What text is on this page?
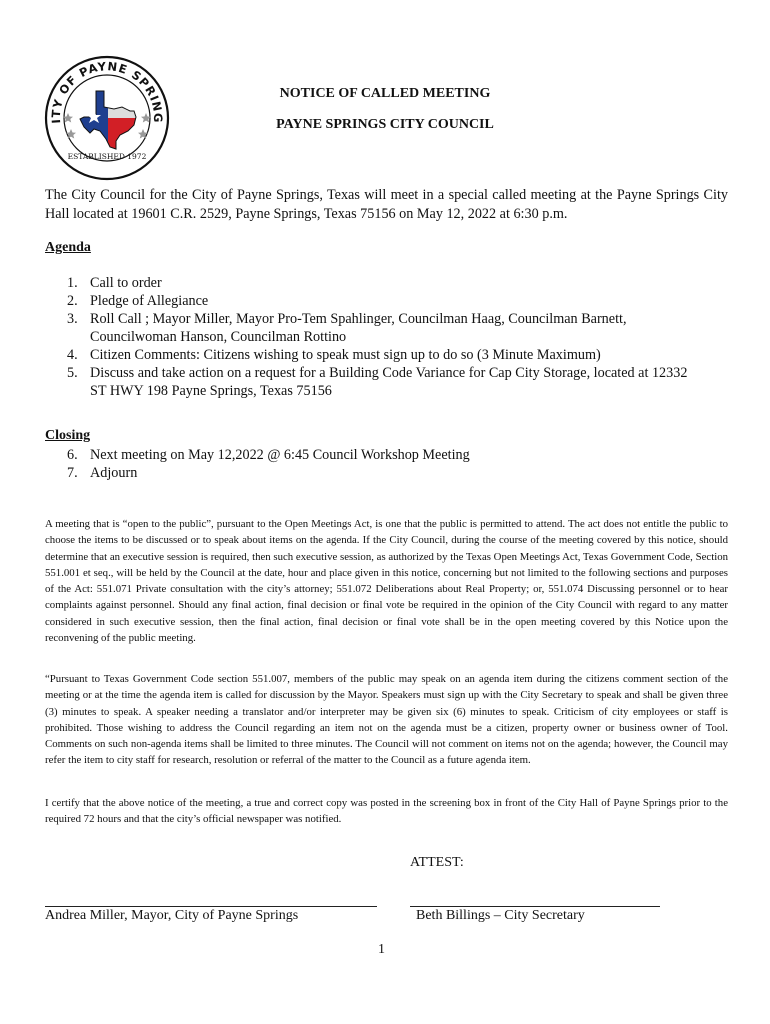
ITY OF PAYNE SPRING
ESTABLISHED 1972
NOTICE OF CALLED MEETING
PAYNE SPRINGS CITY COUNCIL
The City Council for the City of Payne Springs, Texas will meet in a special called meeting at the Payne Springs City Hall located at 19601 C.R. 2529, Payne Springs, Texas 75156 on May 12, 2022 at 6:30 p.m.
Agenda
1. Call to order
2. Pledge of Allegiance
3. Roll Call ; Mayor Miller, Mayor Pro-Tem Spahlinger, Councilman Haag, Councilman Barnett, Councilwoman Hanson, Councilman Rottino
4. Citizen Comments: Citizens wishing to speak must sign up to do so (3 Minute Maximum)
5. Discuss and take action on a request for a Building Code Variance for Cap City Storage, located at 12332 ST HWY 198 Payne Springs, Texas 75156
Closing
6. Next meeting on May 12,2022 @ 6:45 Council Workshop Meeting
7. Adjourn
A meeting that is “open to the public”, pursuant to the Open Meetings Act, is one that the public is permitted to attend. The act does not entitle the public to choose the items to be discussed or to speak about items on the agenda. If the City Council, during the course of the meeting covered by this notice, should determine that an executive session is required, then such executive session, as authorized by the Texas Open Meetings Act, Texas Government Code, Section 551.001 et seq., will be held by the Council at the date, hour and place given in this notice, concerning but not limited to the following sections and purposes of the Act: 551.071 Private consultation with the city’s attorney; 551.072 Deliberations about Real Property; or, 551.074 Discussing personnel or to hear complaints against personnel. Should any final action, final decision or final vote be required in the opinion of the City Council with regard to any matter considered in such executive session, then the final action, final decision or final vote shall be in the open meeting covered by this Notice upon the reconvening of the public meeting.
“Pursuant to Texas Government Code section 551.007, members of the public may speak on an agenda item during the citizens comment section of the meeting or at the time the agenda item is called for discussion by the Mayor. Speakers must sign up with the City Secretary to speak and shall be given three (3) minutes to speak. A speaker needing a translator and/or interpreter may be given six (6) minutes to speak. Criticism of city employees or staff is prohibited. Those wishing to address the Council regarding an item not on the agenda must be a citizen, property owner or business owner of Tool. Comments on such non-agenda items shall be limited to three minutes. The Council will not comment on items not on the agenda; however, the Council may refer the item to city staff for research, resolution or referral of the matter to the Council as a future agenda item.
I certify that the above notice of the meeting, a true and correct copy was posted in the screening box in front of the City Hall of Payne Springs prior to the required 72 hours and that the city’s official newspaper was notified.
ATTEST:
Andrea Miller, Mayor, City of Payne Springs	Beth Billings – City Secretary
1
